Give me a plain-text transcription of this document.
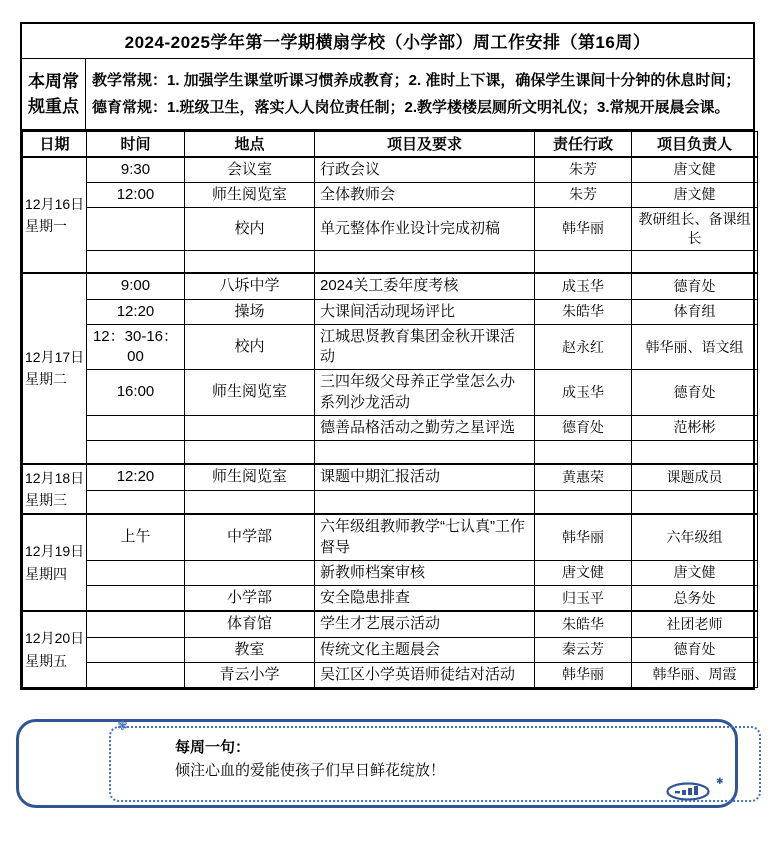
2024-2025学年第一学期横扇学校（小学部）周工作安排（第16周）
本周常规重点
教学常规：1. 加强学生课堂听课习惯养成教育；2. 准时上下课，确保学生课间十分钟的休息时间；
德育常规：1.班级卫生，落实人人岗位责任制；2.教学楼楼层厕所文明礼仪；3.常规开展晨会课。
日期	时间	地点	项目及要求	责任行政	项目负责人

12月16日
星期一	9:30	会议室	行政会议	朱芳	唐文健
	12:00	师生阅览室	全体教师会	朱芳	唐文健
		校内	单元整体作业设计完成初稿	韩华丽	教研组长、备课组长

12月17日
星期二	9:00	八坼中学	2024关工委年度考核	成玉华	德育处
	12:20	操场	大课间活动现场评比	朱皓华	体育组
	12：30-16：00	校内	江城思贤教育集团金秋开课活动	赵永红	韩华丽、语文组
	16:00	师生阅览室	三四年级父母养正学堂怎么办系列沙龙活动	成玉华	德育处
			德善品格活动之勤劳之星评选	德育处	范彬彬

12月18日
星期三	12:20	师生阅览室	课题中期汇报活动	黄惠荣	课题成员

12月19日
星期四	上午	中学部	六年级组教师教学“七认真”工作督导	韩华丽	六年级组
			新教师档案审核	唐文健	唐文健
		小学部	安全隐患排查	归玉平	总务处

12月20日
星期五		体育馆	学生才艺展示活动	朱皓华	社团老师
		教室	传统文化主题晨会	秦云芳	德育处
		青云小学	吴江区小学英语师徒结对活动	韩华丽	韩华丽、周霞
❃
每周一句：
倾注心血的爱能使孩子们早日鲜花绽放！
✱
